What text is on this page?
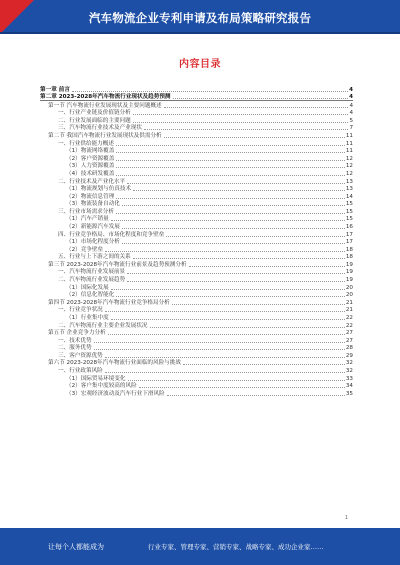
汽车物流企业专利申请及布局策略研究报告
内容目录
第一章 前言	4
第二章 2023-2028年汽车物流行业现状及趋势预测	4
第一节 汽车物流行业发展现状及主要问题概述	4
一、行业产业链及价值链分析	4
二、行业发展面临的主要问题	5
三、汽车物流行业技术及产业现状	7
第二节 我国汽车物流行业发展现状及供需分析	11
一、行业供给能力概述	11
（1）物流网络覆盖	11
（2）客户资源覆盖	12
（3）人力资源覆盖	12
（4）技术研发覆盖	12
二、行业技术及产业化水平	13
（1）物流规划与仿真技术	13
（2）物流信息管理	14
（3）物流装备自动化	15
三、行业市场需求分析	15
（1）汽车产销量	15
（2）新能源汽车发展	16
四、行业竞争格局、市场化程度和竞争壁垒	17
（1）市场化程度分析	17
（2）竞争壁垒	18
五、行业与上下游之间的关系	18
第三节 2023-2028年汽车物流行业前景及趋势预测分析	19
一、汽车物流行业发展前景	19
二、汽车物流行业发展趋势	19
（1）国际化发展	20
（2）信息化智能化	20
第四节 2023-2028年汽车物流行业竞争格局分析	21
一、行业竞争状况	21
（1）行业集中度	22
二、汽车物流行业主要企业发展状况	22
第五节 企业竞争力分析	27
一、技术优势	27
二、服务优势	28
三、客户资源优势	29
第六节 2023-2028年汽车物流行业面临的风险与挑战	32
一、行业政策风险	32
（1）国际贸易环境变化	33
（2）客户集中度较高的风险	34
（3）宏观经济波动及汽车行业下滑风险	35
1
让每个人都能成为	行业专家、管理专家、营销专家、战略专家、成功企业家……
